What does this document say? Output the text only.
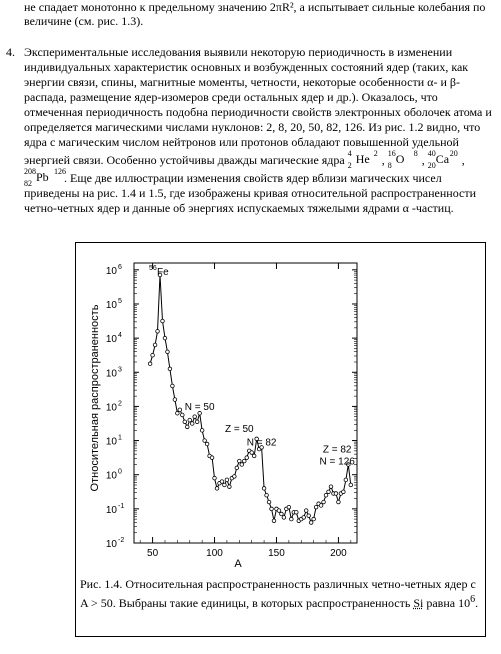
не спадает монотонно к предельному значению 2πR², а испытывает сильные колебания по величине (см. рис. 1.3).
4. Экспериментальные исследования выявили некоторую периодичность в изменении индивидуальных характеристик основных и возбужденных состояний ядер (таких, как энергии связи, спины, магнитные моменты, четности, некоторые особенности α- и β- распада, размещение ядер-изомеров среди остальных ядер и др.). Оказалось, что отмеченная периодичность подобна периодичности свойств электронных оболочек атома и определяется магическими числами нуклонов: 2, 8, 20, 50, 82, 126. Из рис. 1.2 видно, что ядра с магическим числом нейтронов или протонов обладают повышенной удельной энергией связи. Особенно устойчивы дважды магические ядра 4
2 He 2 , 16
8 O 8 , 40
20 Ca 20 ,
208
82 Pb 126
. Еще две иллюстрации изменения свойств ядер вблизи магических чисел приведены на рис. 1.4 и 1.5, где изображены кривая относительной распространенности четно-четных ядер и данные об энергиях испускаемых тяжелыми ядрами α -частиц.
10 -2
10 -1
10 0
10 1
10 2
10 3
10 4
10 5
10 6
50	100	150	200
Относительная распространенность
A
56 Fe
N = 50
Z = 50
N = 82
Z = 82
N = 126
Рис. 1.4. Относительная распространенность различных четно-четных ядер с A > 50. Выбраны такие единицы, в которых распространенность Si равна $10^6$.
